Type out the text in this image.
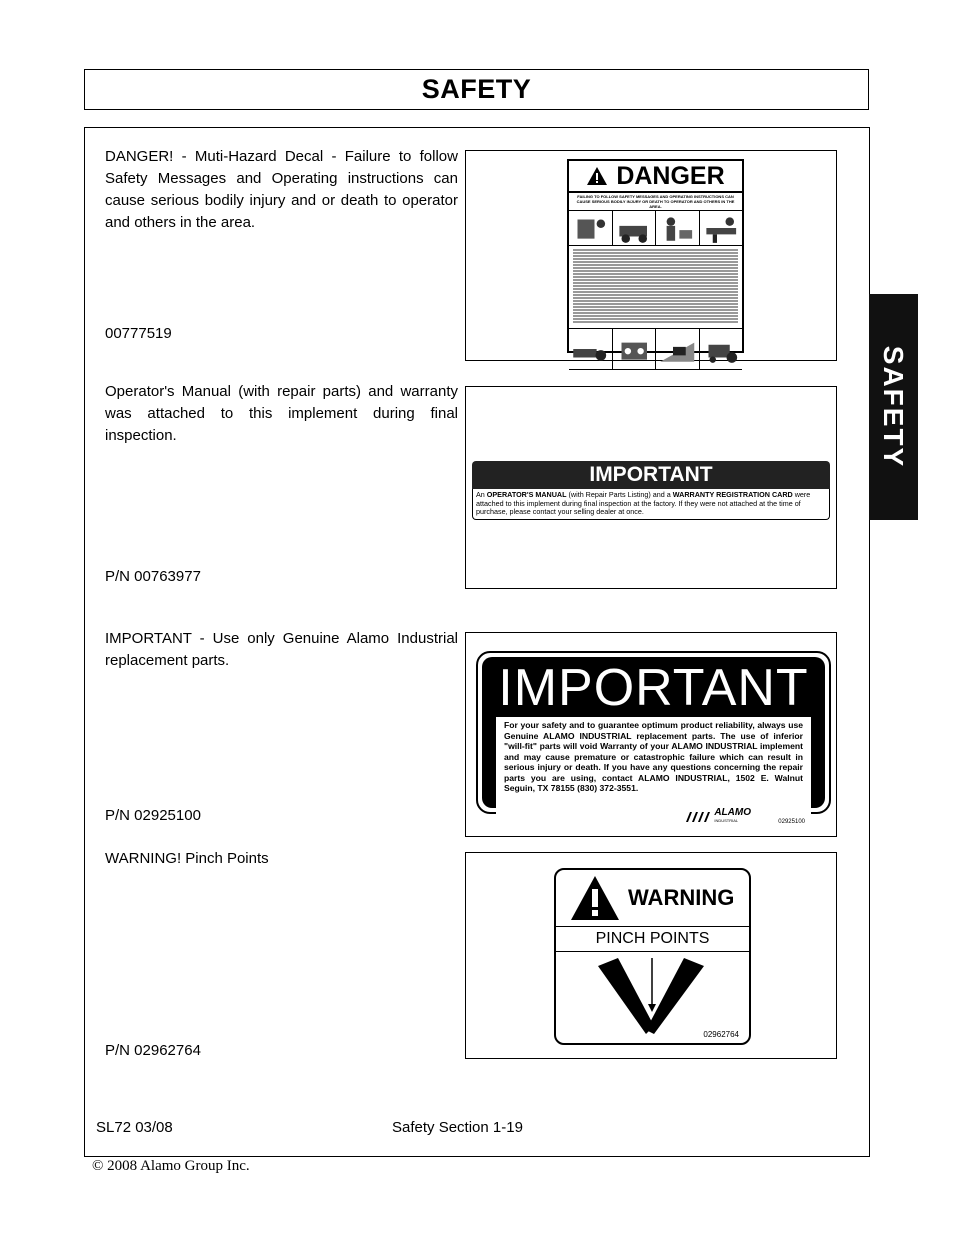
SAFETY
SAFETY
DANGER! - Muti-Hazard Decal - Failure to follow Safety Messages and Operating instructions can cause serious bodily injury and or death to operator and others in the area.
00777519
DANGER
FAILING TO FOLLOW SAFETY MESSAGES AND OPERATING INSTRUCTIONS CAN CAUSE SERIOUS BODILY INJURY OR DEATH TO OPERATOR AND OTHERS IN THE AREA.
Operator's Manual (with repair parts) and warranty was attached to this implement during final inspection.
P/N 00763977
IMPORTANT
An OPERATOR'S MANUAL (with Repair Parts Listing) and a WARRANTY REGISTRATION CARD were attached to this implement during final inspection at the factory. If they were not attached at the time of purchase, please contact your selling dealer at once.
IMPORTANT - Use only Genuine Alamo Industrial replacement parts.
P/N 02925100
IMPORTANT
For your safety and to guarantee optimum product reliability, always use Genuine ALAMO INDUSTRIAL replacement parts. The use of inferior "will-fit" parts will void Warranty of your ALAMO INDUSTRIAL implement and may cause premature or catastrophic failure which can result in serious injury or death. If you have any questions concerning the repair parts you are using, contact ALAMO INDUSTRIAL, 1502 E. Walnut Seguin, TX 78155 (830) 372-3551.
ALAMO
INDUSTRIAL	02925100
WARNING! Pinch Points
P/N 02962764
WARNING
PINCH POINTS
02962764
SL72 03/08	Safety Section 1-19
© 2008 Alamo Group Inc.
